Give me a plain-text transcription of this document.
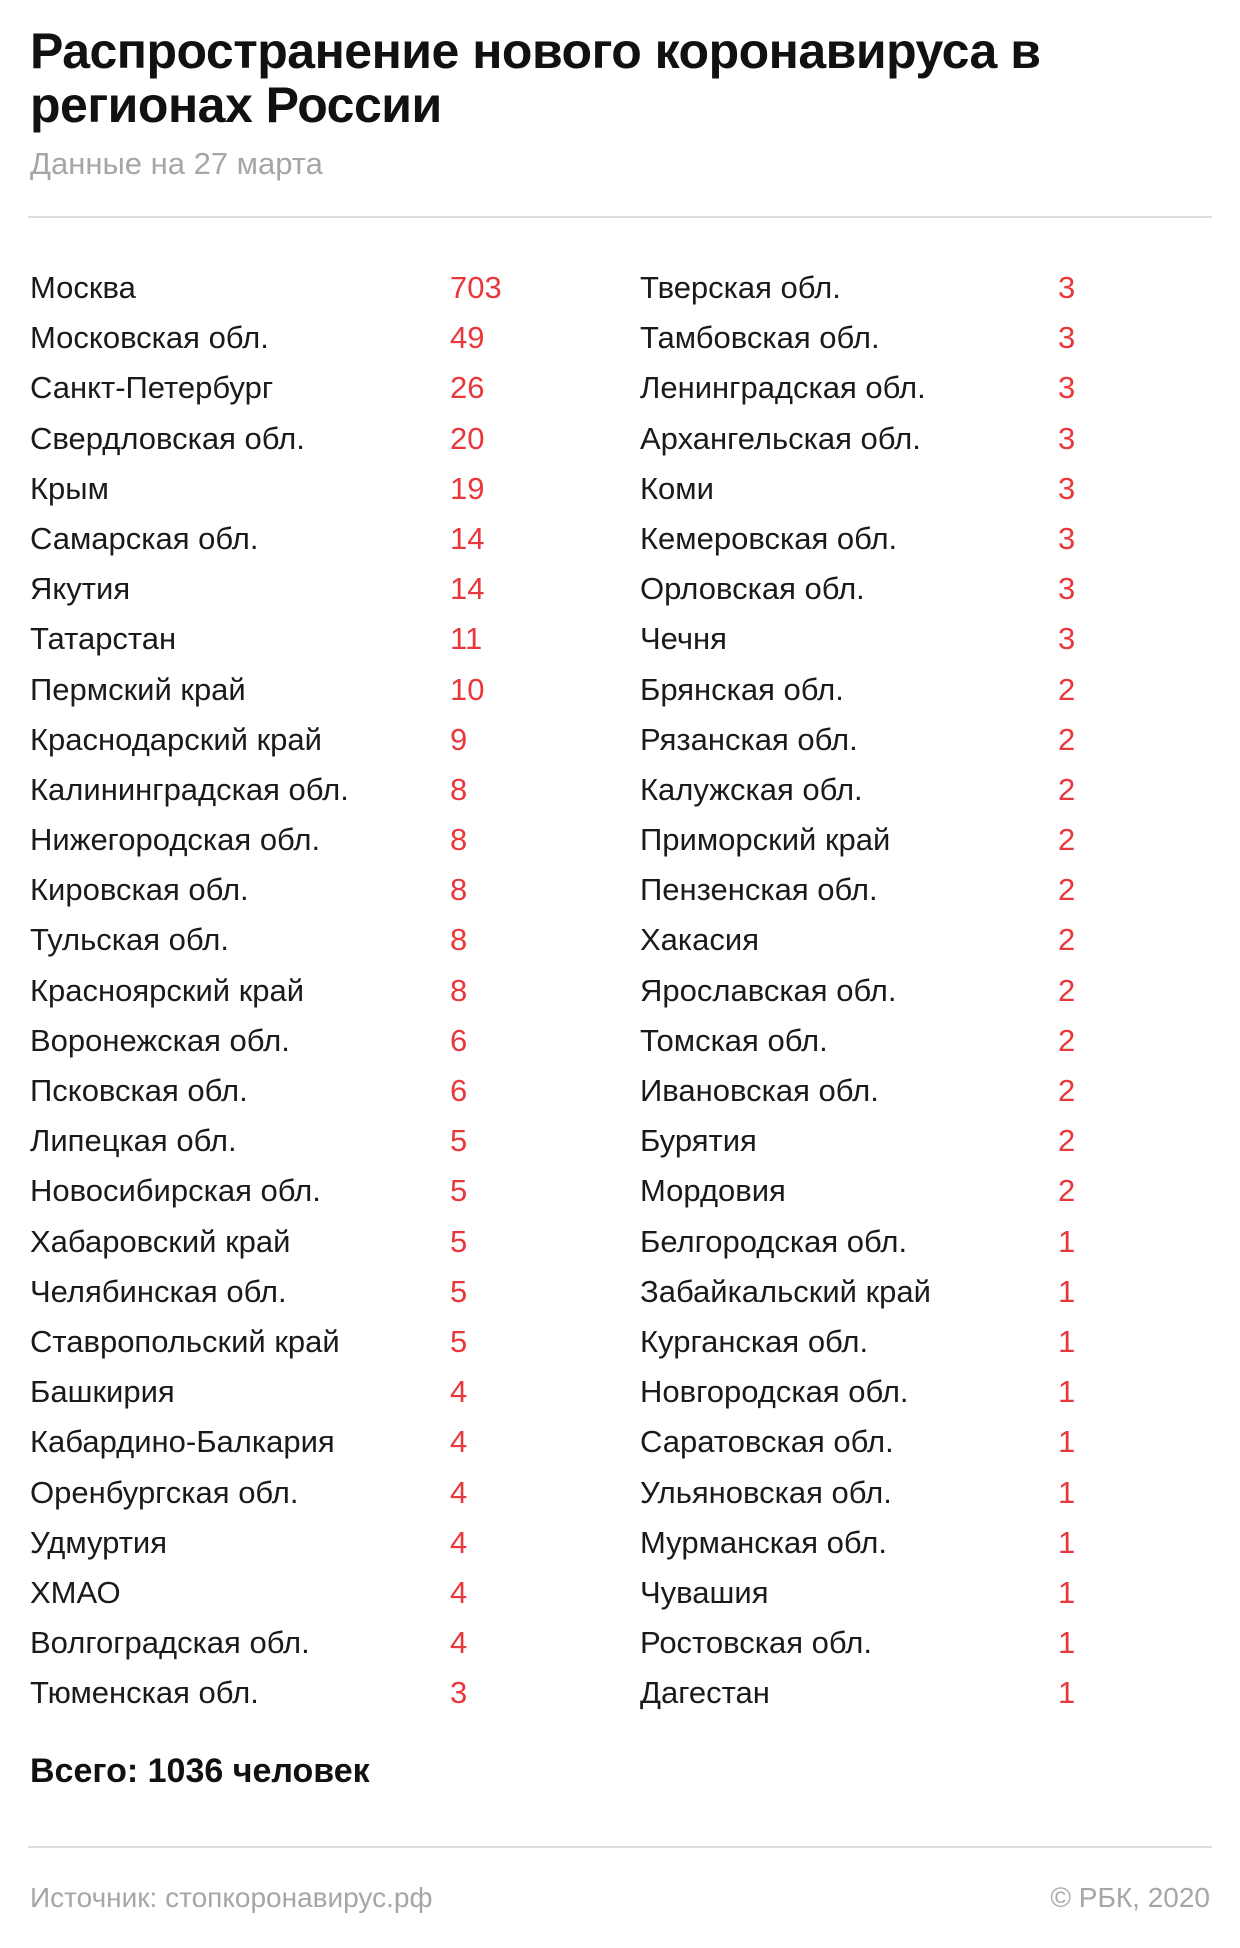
Распространение нового коронавируса в регионах России
Данные на 27 марта
Москва	703
Московская обл.	49
Санкт-Петербург	26
Свердловская обл.	20
Крым	19
Самарская обл.	14
Якутия	14
Татарстан	11
Пермский край	10
Краснодарский край	9
Калининградская обл.	8
Нижегородская обл.	8
Кировская обл.	8
Тульская обл.	8
Красноярский край	8
Воронежская обл.	6
Псковская обл.	6
Липецкая обл.	5
Новосибирская обл.	5
Хабаровский край	5
Челябинская обл.	5
Ставропольский край	5
Башкирия	4
Кабардино-Балкария	4
Оренбургская обл.	4
Удмуртия	4
ХМАО	4
Волгоградская обл.	4
Тюменская обл.	3
Тверская обл.	3
Тамбовская обл.	3
Ленинградская обл.	3
Архангельская обл.	3
Коми	3
Кемеровская обл.	3
Орловская обл.	3
Чечня	3
Брянская обл.	2
Рязанская обл.	2
Калужская обл.	2
Приморский край	2
Пензенская обл.	2
Хакасия	2
Ярославская обл.	2
Томская обл.	2
Ивановская обл.	2
Бурятия	2
Мордовия	2
Белгородская обл.	1
Забайкальский край	1
Курганская обл.	1
Новгородская обл.	1
Саратовская обл.	1
Ульяновская обл.	1
Мурманская обл.	1
Чувашия	1
Ростовская обл.	1
Дагестан	1
Всего: 1036 человек
Источник: стопкоронавирус.рф	© РБК, 2020
